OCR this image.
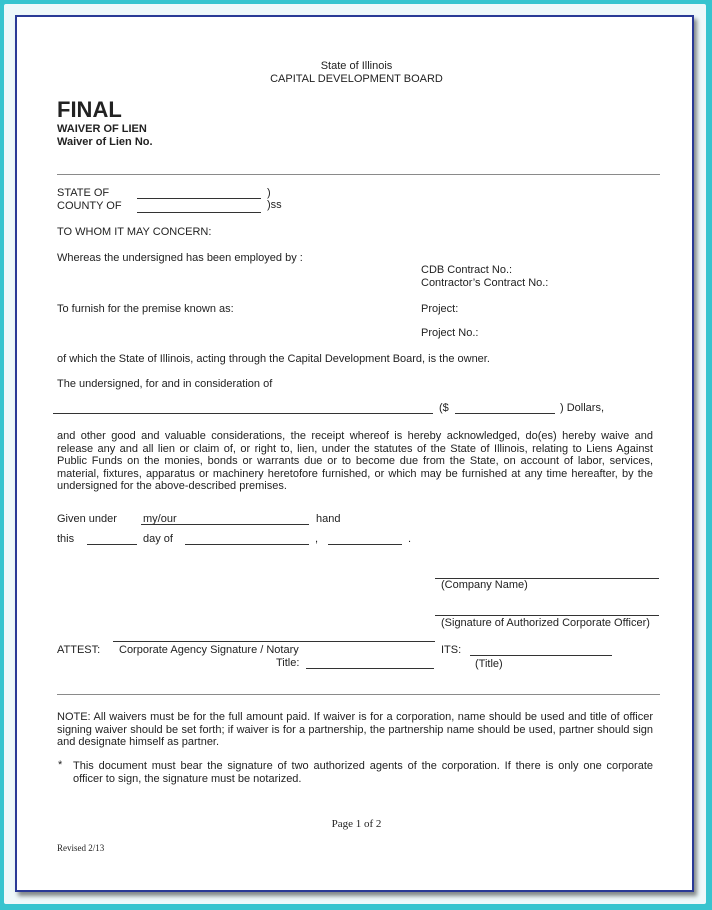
State of Illinois
CAPITAL DEVELOPMENT BOARD
FINAL
WAIVER OF LIEN
Waiver of Lien No.
STATE OF	)
COUNTY OF	)ss
TO WHOM IT MAY CONCERN:
Whereas the undersigned has been employed by :
CDB Contract No.:
Contractor’s Contract No.:
To furnish for the premise known as:	Project:
Project No.:
of which the State of Illinois, acting through the Capital Development Board, is the owner.
The undersigned, for and in consideration of
($	) Dollars,
and other good and valuable considerations, the receipt whereof is hereby acknowledged, do(es) hereby waive and release any and all lien or claim of, or right to, lien, under the statutes of the State of Illinois, relating to Liens Against Public Funds on the monies, bonds or warrants due or to become due from the State, on account of labor, services, material, fixtures, apparatus or machinery heretofore furnished, or which may be furnished at any time hereafter, by the undersigned for the above-described premises.
Given under my/our	hand
this	day of	,	.
(Company Name)
(Signature of Authorized Corporate Officer)
ATTEST: Corporate Agency Signature / Notary
Title:
ITS:
(Title)
NOTE: All waivers must be for the full amount paid. If waiver is for a corporation, name should be used and title of officer signing waiver should be set forth; if waiver is for a partnership, the partnership name should be used, partner should sign and designate himself as partner.
* This document must bear the signature of two authorized agents of the corporation. If there is only one corporate officer to sign, the signature must be notarized.
Page 1 of 2
Revised 2/13
